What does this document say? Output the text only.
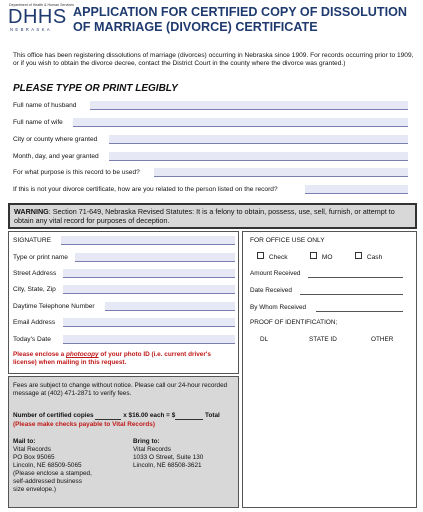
Department of Health & Human Services
DHHS
NEBRASKA
APPLICATION FOR CERTIFIED COPY OF DISSOLUTION OF MARRIAGE (DIVORCE) CERTIFICATE
This office has been registering dissolutions of marriage (divorces) occurring in Nebraska since 1909. For records occurring prior to 1909, or if you wish to obtain the divorce decree, contact the District Court in the county where the divorce was granted.)
PLEASE TYPE OR PRINT LEGIBLY
Full name of husband
Full name of wife
City or county where granted
Month, day, and year granted
For what purpose is this record to be used?
If this is not your divorce certificate, how are you related to the person listed on the record?
WARNING: Section 71-649, Nebraska Revised Statutes: It is a felony to obtain, possess, use, sell, furnish, or attempt to obtain any vital record for purposes of deception.
SIGNATURE
Type or print name
Street Address
City, State, Zip
Daytime Telephone Number
Email Address
Today's Date
Please enclose a photocopy of your photo ID (i.e. current driver's license) when mailing in this request.
FOR OFFICE USE ONLY
Check	MO	Cash
Amount Received
Date Received
By Whom Received
PROOF OF IDENTIFICATION;
DL	STATE ID	OTHER
Fees are subject to change without notice. Please call our 24-hour recorded message at (402) 471-2871 to verify fees.
Number of certified copies	x $16.00 each = $	Total
(Please make checks payable to Vital Records)
Mail to:
Vital Records
PO Box 95065
Lincoln, NE 68509-5065
(Please enclose a stamped,
self-addressed business
size envelope.)
Bring to:
Vital Records
1033 O Street, Suite 130
Lincoln, NE 68508-3621
